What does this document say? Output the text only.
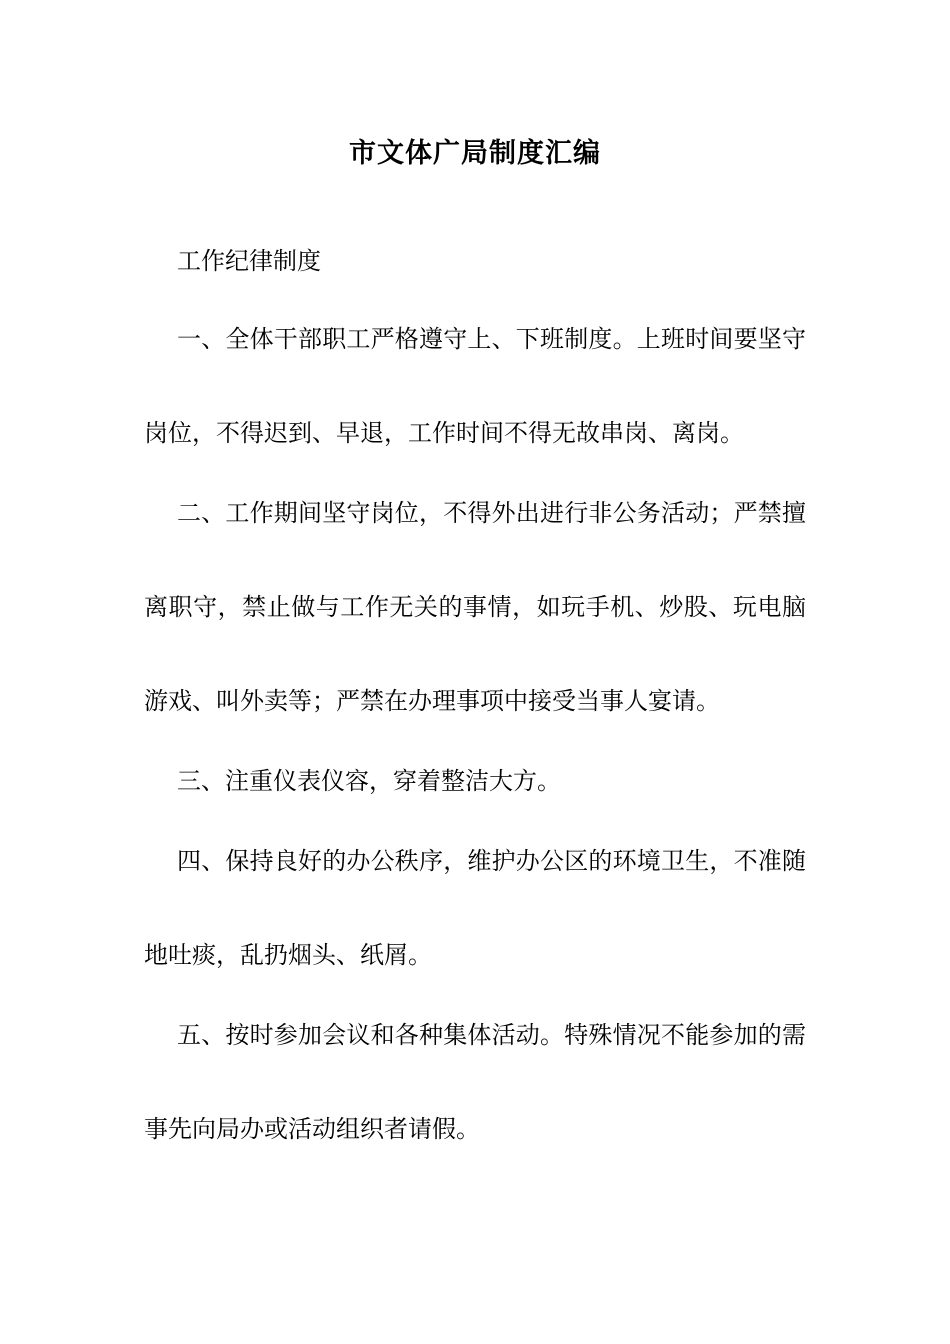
市文体广局制度汇编
工作纪律制度
一、全体干部职工严格遵守上、下班制度。上班时间要坚守
岗位，不得迟到、早退，工作时间不得无故串岗、离岗。
二、工作期间坚守岗位，不得外出进行非公务活动；严禁擅
离职守，禁止做与工作无关的事情，如玩手机、炒股、玩电脑
游戏、叫外卖等；严禁在办理事项中接受当事人宴请。
三、注重仪表仪容，穿着整洁大方。
四、保持良好的办公秩序，维护办公区的环境卫生，不准随
地吐痰，乱扔烟头、纸屑。
五、按时参加会议和各种集体活动。特殊情况不能参加的需
事先向局办或活动组织者请假。
